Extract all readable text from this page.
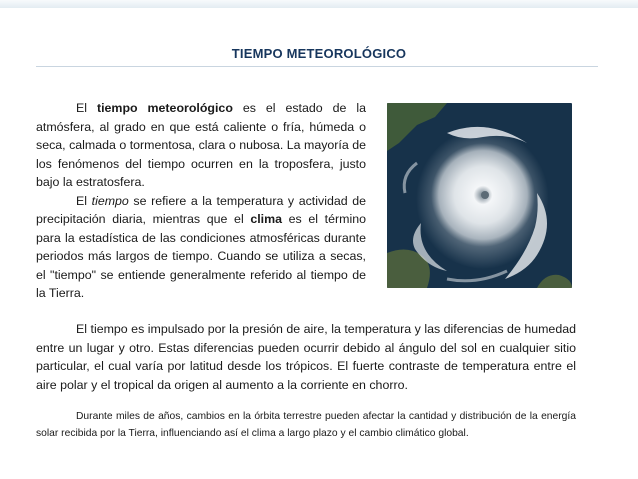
TIEMPO METEOROLÓGICO

El tiempo meteorológico es el estado de la atmósfera, al grado en que está caliente o fría, húmeda o seca, calmada o tormentosa, clara o nubosa. La mayoría de los fenómenos del tiempo ocurren en la troposfera, justo bajo la estratosfera.
El tiempo se refiere a la temperatura y actividad de precipitación diaria, mientras que el clima es el término para la estadística de las condiciones atmosféricas durante periodos más largos de tiempo. Cuando se utiliza a secas, el "tiempo" se entiende generalmente referido al tiempo de la Tierra.

El tiempo es impulsado por la presión de aire, la temperatura y las diferencias de humedad entre un lugar y otro. Estas diferencias pueden ocurrir debido al ángulo del sol en cualquier sitio particular, el cual varía por latitud desde los trópicos. El fuerte contraste de temperatura entre el aire polar y el tropical da origen al aumento a la corriente en chorro.

Durante miles de años, cambios en la órbita terrestre pueden afectar la cantidad y distribución de la energía solar recibida por la Tierra, influenciando así el clima a largo plazo y el cambio climático global.
